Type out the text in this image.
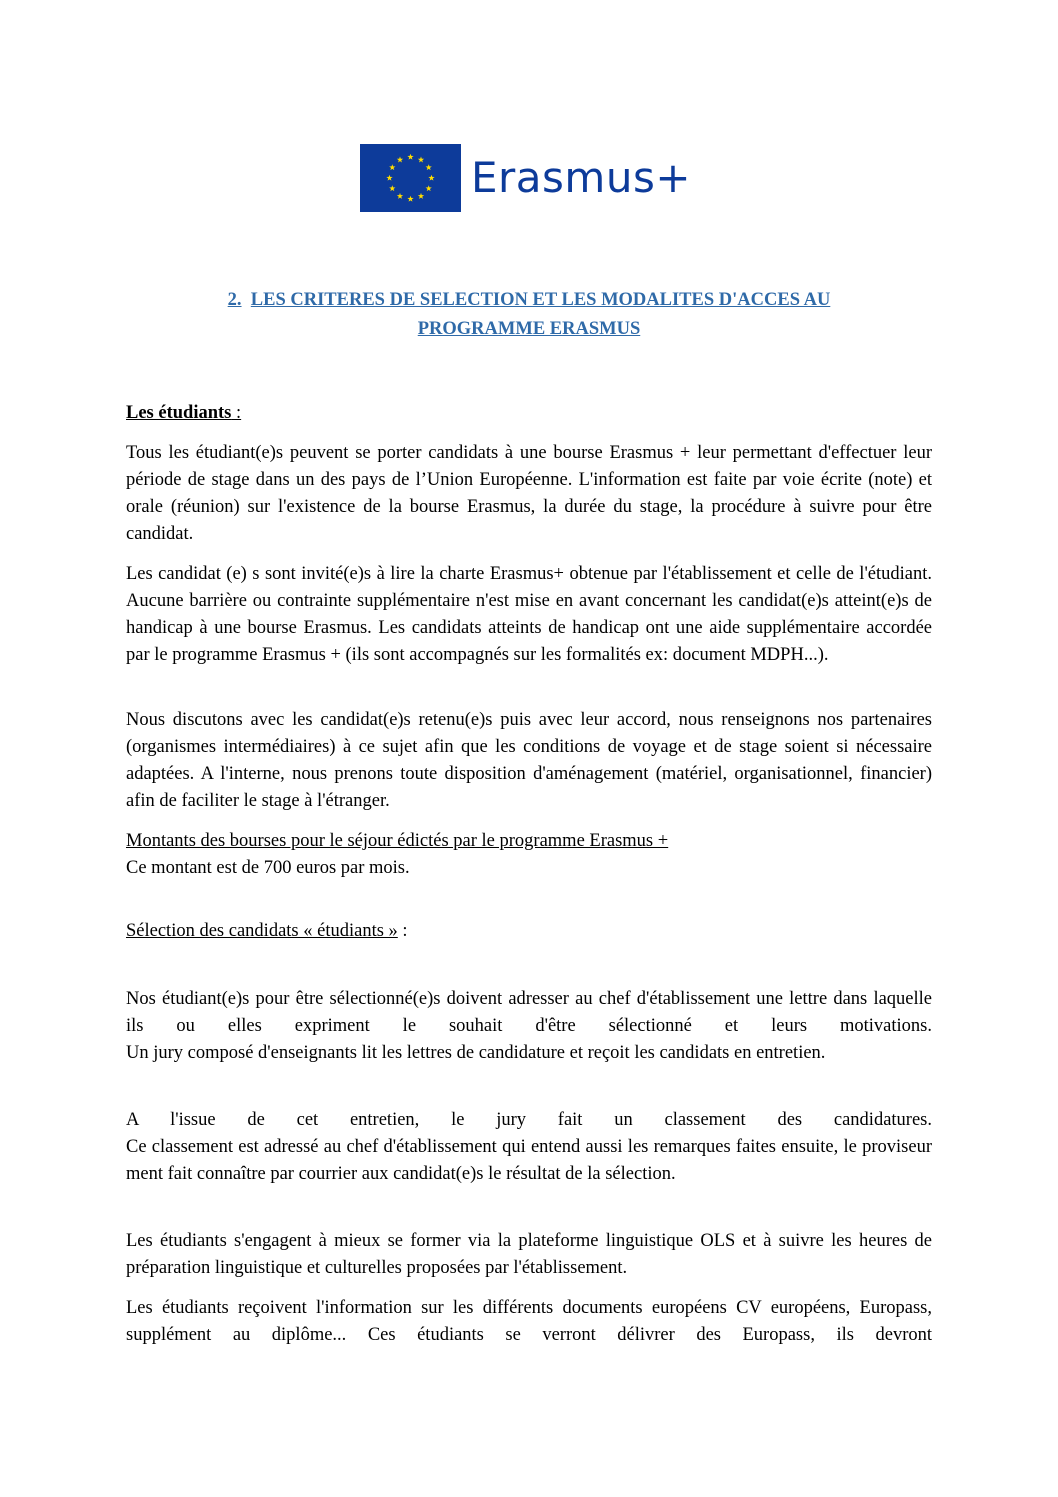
Erasmus+
2. LES CRITERES DE SELECTION ET LES MODALITES D'ACCES AU
PROGRAMME ERASMUS
Les étudiants :
Tous les étudiant(e)s peuvent se porter candidats à une bourse Erasmus + leur permettant d'effectuer leur période de stage dans un des pays de l’Union Européenne. L'information est faite par voie écrite (note) et orale (réunion) sur l'existence de la bourse Erasmus, la durée du stage, la procédure à suivre pour être candidat.
Les candidat (e) s sont invité(e)s à lire la charte Erasmus+ obtenue par l'établissement et celle de l'étudiant. Aucune barrière ou contrainte supplémentaire n'est mise en avant concernant les candidat(e)s atteint(e)s de handicap à une bourse Erasmus. Les candidats atteints de handicap ont une aide supplémentaire accordée par le programme Erasmus + (ils sont accompagnés sur les formalités ex: document MDPH...).
Nous discutons avec les candidat(e)s retenu(e)s puis avec leur accord, nous renseignons nos partenaires (organismes intermédiaires) à ce sujet afin que les conditions de voyage et de stage soient si nécessaire adaptées. A l'interne, nous prenons toute disposition d'aménagement (matériel, organisationnel, financier) afin de faciliter le stage à l'étranger.
Montants des bourses pour le séjour édictés par le programme Erasmus +
Ce montant est de 700 euros par mois.
Sélection des candidats « étudiants » :
Nos étudiant(e)s pour être sélectionné(e)s doivent adresser au chef d'établissement une lettre dans laquelle ils ou elles expriment le souhait d'être sélectionné et leurs motivations.
Un jury composé d'enseignants lit les lettres de candidature et reçoit les candidats en entretien.
A l'issue de cet entretien, le jury fait un classement des candidatures.
Ce classement est adressé au chef d'établissement qui entend aussi les remarques faites ensuite, le proviseur ment fait connaître par courrier aux candidat(e)s le résultat de la sélection.
Les étudiants s'engagent à mieux se former via la plateforme linguistique OLS et à suivre les heures de préparation linguistique et culturelles proposées par l'établissement.
Les étudiants reçoivent l'information sur les différents documents européens CV européens, Europass, supplément au diplôme... Ces étudiants se verront délivrer des Europass, ils devront
